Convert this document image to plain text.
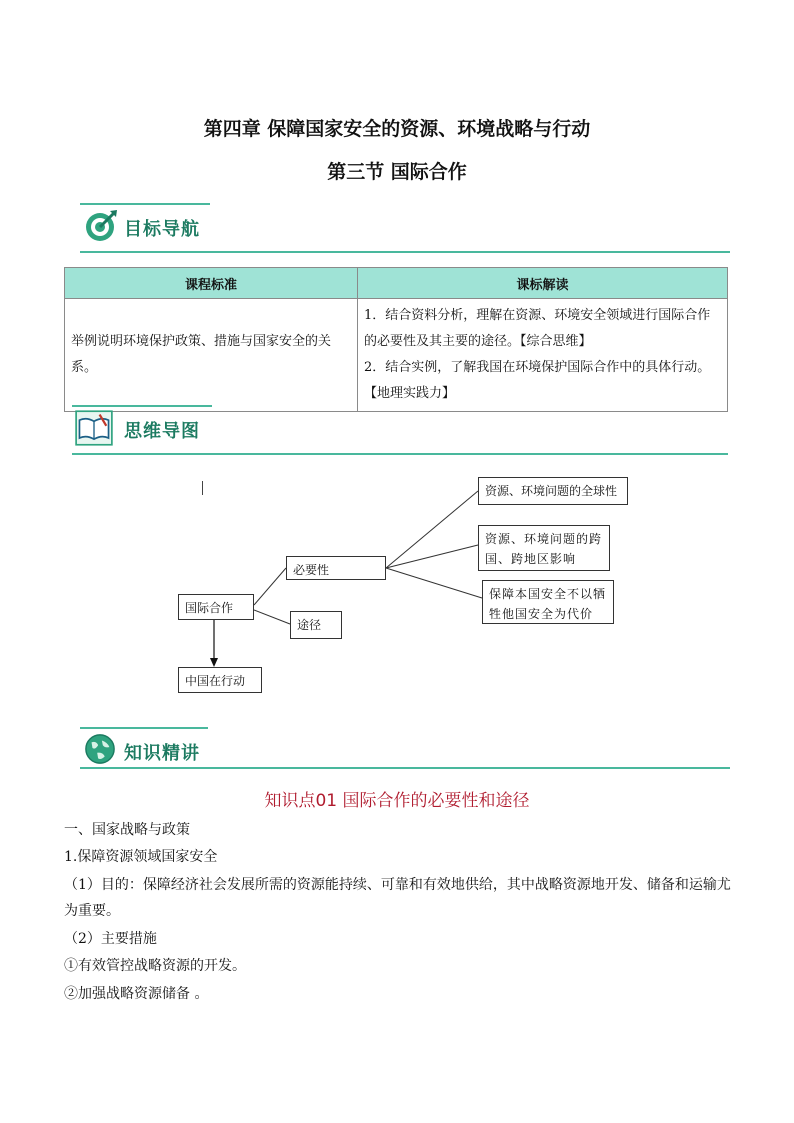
第四章 保障国家安全的资源、环境战略与行动
第三节 国际合作
目标导航
课程标准	课标解读
举例说明环境保护政策、措施与国家安全的关系。	1．结合资料分析，理解在资源、环境安全领域进行国际合作的必要性及其主要的途径。【综合思维】
2．结合实例，了解我国在环境保护国际合作中的具体行动。【地理实践力】
思维导图
国际合作
必要性
途径
中国在行动
资源、环境问题的全球性
资源、环境问题的跨国、跨地区影响
保障本国安全不以牺牲他国安全为代价
知识精讲
知识点01 国际合作的必要性和途径
一、国家战略与政策
1.保障资源领域国家安全
（1）目的：保障经济社会发展所需的资源能持续、可靠和有效地供给，其中战略资源地开发、储备和运输尤为重要。
（2）主要措施
①有效管控战略资源的开发。
②加强战略资源储备 。
